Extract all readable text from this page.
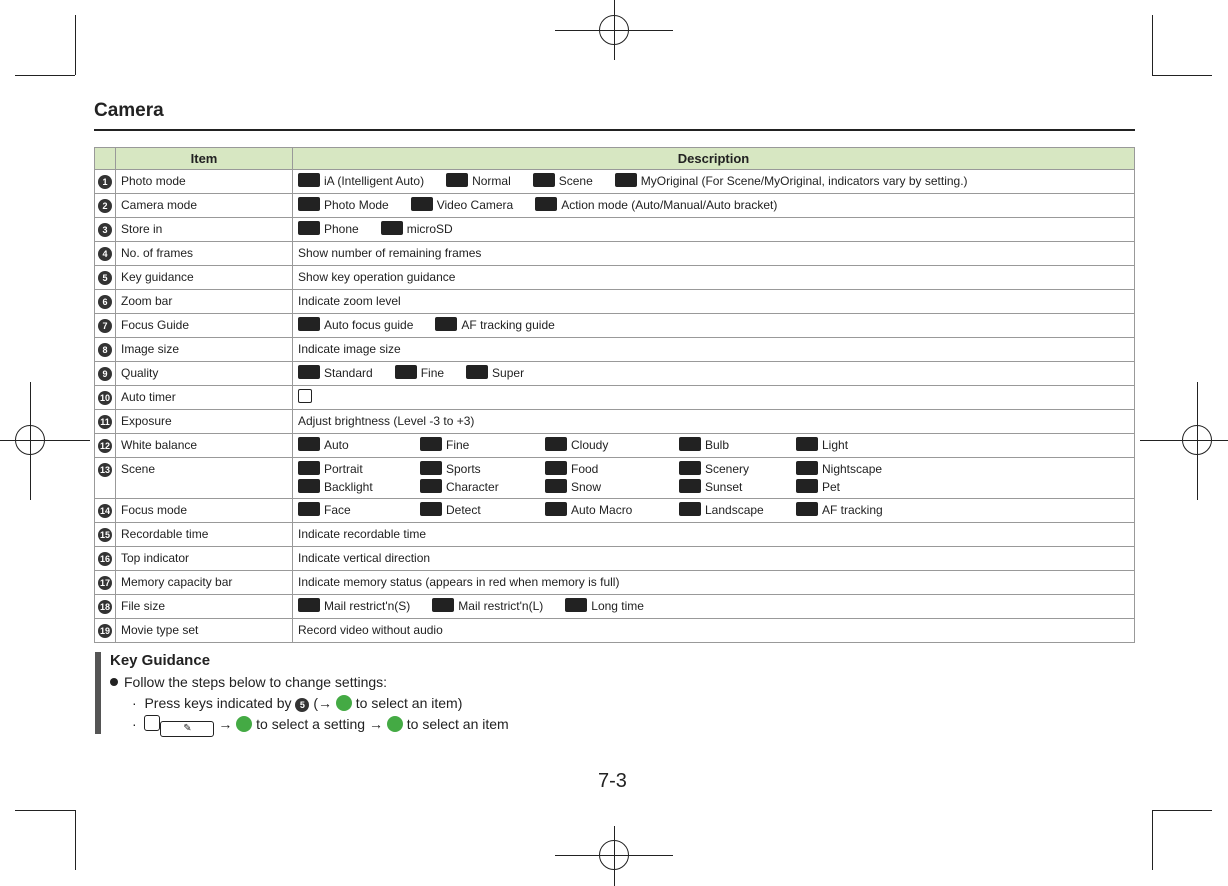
Camera
	Item	Description
1	Photo mode	iA (Intelligent Auto) Normal Scene MyOriginal (For Scene/MyOriginal, indicators vary by setting.)

2	Camera mode	Photo Mode Video Camera Action mode (Auto/Manual/Auto bracket)

3	Store in	Phone microSD

4	No. of frames	Show number of remaining frames

5	Key guidance	Show key operation guidance

6	Zoom bar	Indicate zoom level

7	Focus Guide	Auto focus guide AF tracking guide

8	Image size	Indicate image size

9	Quality	Standard Fine Super

10	Auto timer	
11	Exposure	Adjust brightness (Level -3 to +3)

12	White balance	Auto Fine Cloudy Bulb Light

13	Scene	Portrait Sports Food Scenery Nightscape
Backlight Character Snow Sunset Pet

14	Focus mode	Face Detect Auto Macro Landscape AF tracking

15	Recordable time	Indicate recordable time

16	Top indicator	Indicate vertical direction

17	Memory capacity bar	Indicate memory status (appears in red when memory is full)

18	File size	Mail restrict'n(S) Mail restrict'n(L) Long time

19	Movie type set	Record video without audio
Key Guidance
Follow the steps below to change settings:
·  Press keys indicated by 5 (→ to select an item)
·	✎ → to select a setting → to select an item
7-3
